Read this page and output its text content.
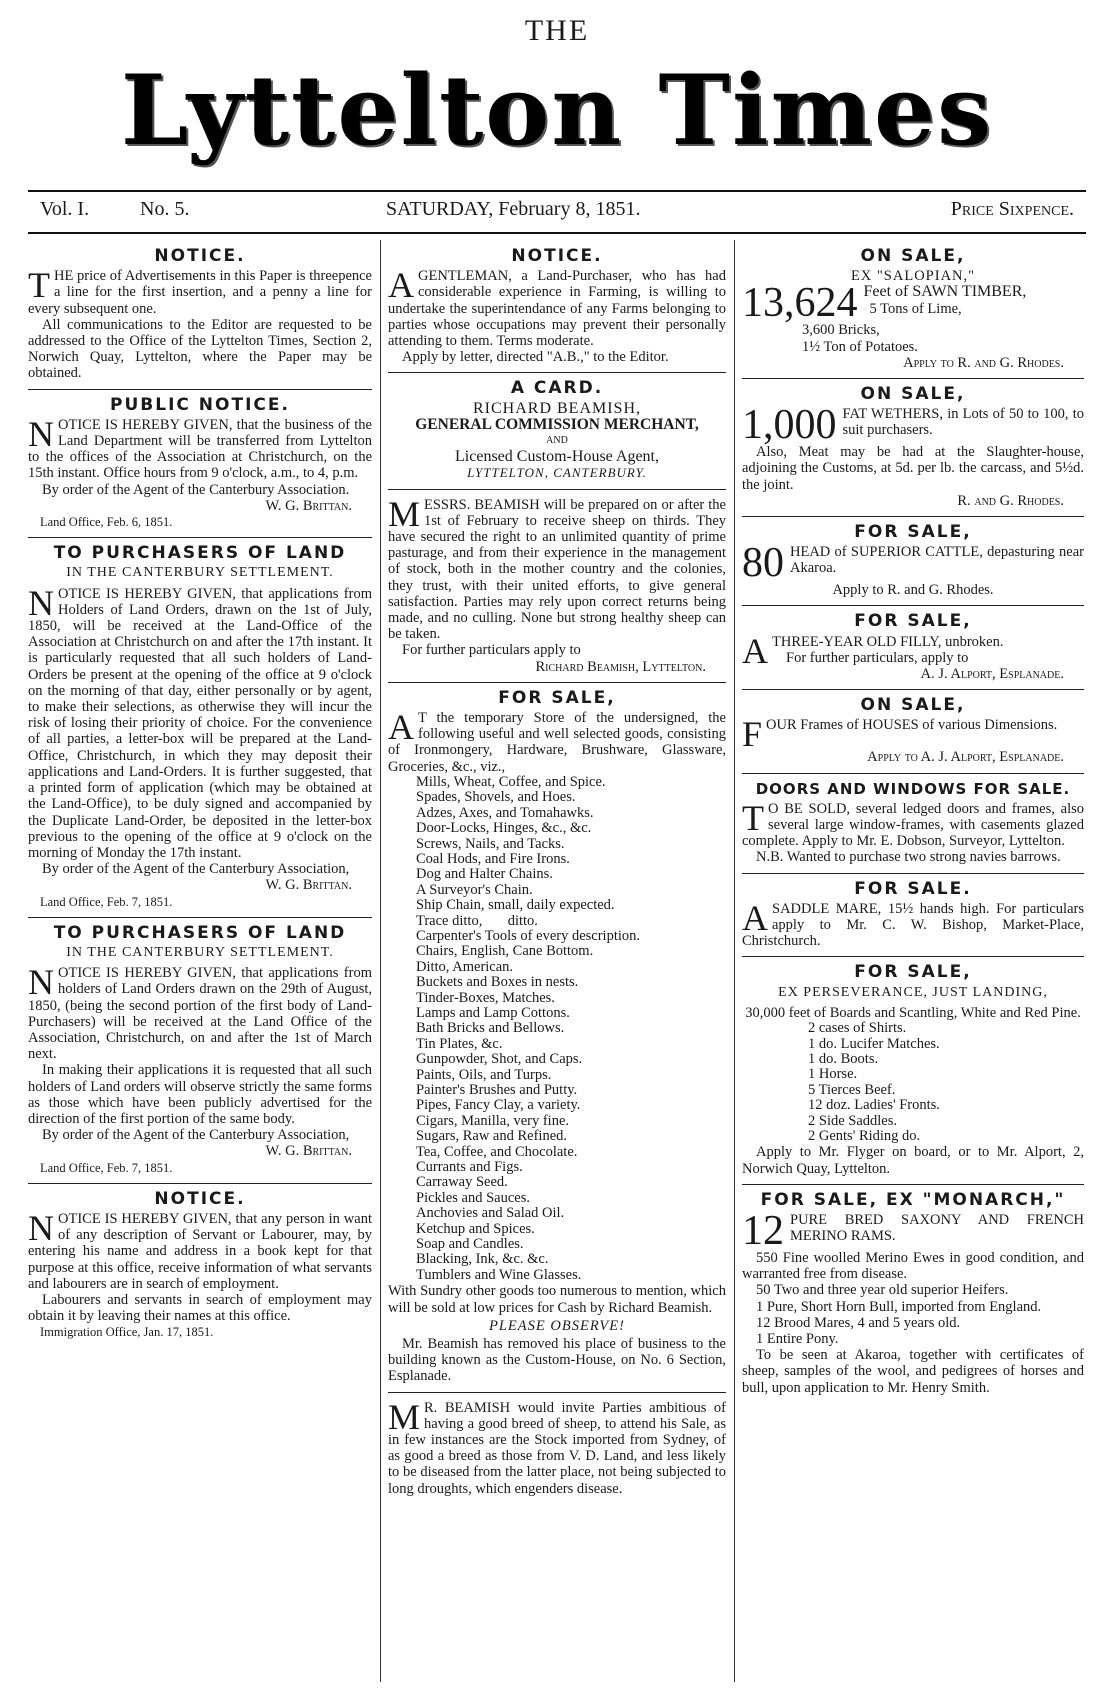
THE
Lyttelton Times
Vol. I.	No. 5.	SATURDAY, February 8, 1851.	Price Sixpence.
NOTICE.

THE price of Advertisements in this Paper is threepence a line for the first insertion, and a penny a line for every subsequent one.

All communications to the Editor are requested to be addressed to the Office of the Lyttelton Times, Section 2, Norwich Quay, Lyttelton, where the Paper may be obtained.

PUBLIC NOTICE.

NOTICE IS HEREBY GIVEN, that the business of the Land Department will be transferred from Lyttelton to the offices of the Association at Christchurch, on the 15th instant. Office hours from 9 o'clock, a.m., to 4, p.m.

By order of the Agent of the Canterbury Association.

W. G. Brittan.
Land Office, Feb. 6, 1851.
TO PURCHASERS OF LAND
IN THE CANTERBURY SETTLEMENT.

NOTICE IS HEREBY GIVEN, that applications from Holders of Land Orders, drawn on the 1st of July, 1850, will be received at the Land-Office of the Association at Christchurch on and after the 17th instant. It is particularly requested that all such holders of Land-Orders be present at the opening of the office at 9 o'clock on the morning of that day, either personally or by agent, to make their selections, as otherwise they will incur the risk of losing their priority of choice. For the convenience of all parties, a letter-box will be prepared at the Land-Office, Christchurch, in which they may deposit their applications and Land-Orders. It is further suggested, that a printed form of application (which may be obtained at the Land-Office), to be duly signed and accompanied by the Duplicate Land-Order, be deposited in the letter-box previous to the opening of the office at 9 o'clock on the morning of Monday the 17th instant.

By order of the Agent of the Canterbury Association,

W. G. Brittan.
Land Office, Feb. 7, 1851.
TO PURCHASERS OF LAND
IN THE CANTERBURY SETTLEMENT.

NOTICE IS HEREBY GIVEN, that applications from holders of Land Orders drawn on the 29th of August, 1850, (being the second portion of the first body of Land-Purchasers) will be received at the Land Office of the Association, Christchurch, on and after the 1st of March next.

In making their applications it is requested that all such holders of Land orders will observe strictly the same forms as those which have been publicly advertised for the direction of the first portion of the same body.

By order of the Agent of the Canterbury Association,

W. G. Brittan.
Land Office, Feb. 7, 1851.
NOTICE.

NOTICE IS HEREBY GIVEN, that any person in want of any description of Servant or Labourer, may, by entering his name and address in a book kept for that purpose at this office, receive information of what servants and labourers are in search of employment.

Labourers and servants in search of employment may obtain it by leaving their names at this office.

Immigration Office, Jan. 17, 1851.
NOTICE.

AGENTLEMAN, a Land-Purchaser, who has had considerable experience in Farming, is willing to undertake the superintendance of any Farms belonging to parties whose occupations may prevent their personally attending to them. Terms moderate.

Apply by letter, directed "A.B.," to the Editor.

A CARD.
RICHARD BEAMISH,
GENERAL COMMISSION MERCHANT,
AND
Licensed Custom-House Agent,
LYTTELTON, CANTERBURY.

MESSRS. BEAMISH will be prepared on or after the 1st of February to receive sheep on thirds. They have secured the right to an unlimited quantity of prime pasturage, and from their experience in the management of stock, both in the mother country and the colonies, they trust, with their united efforts, to give general satisfaction. Parties may rely upon correct returns being made, and no culling. None but strong healthy sheep can be taken.

For further particulars apply to

Richard Beamish, Lyttelton.
FOR SALE,

A T the temporary Store of the undersigned, the following useful and well selected goods, consisting of Ironmongery, Hardware, Brushware, Glassware, Groceries, &c., viz.,

Mills, Wheat, Coffee, and Spice.
Spades, Shovels, and Hoes.
Adzes, Axes, and Tomahawks.
Door-Locks, Hinges, &c., &c.
Screws, Nails, and Tacks.
Coal Hods, and Fire Irons.
Dog and Halter Chains.
A Surveyor's Chain.
Ship Chain, small, daily expected.
Trace ditto,       ditto.
Carpenter's Tools of every description.
Chairs, English, Cane Bottom.
Ditto, American.
Buckets and Boxes in nests.
Tinder-Boxes, Matches.
Lamps and Lamp Cottons.
Bath Bricks and Bellows.
Tin Plates, &c.
Gunpowder, Shot, and Caps.
Paints, Oils, and Turps.
Painter's Brushes and Putty.
Pipes, Fancy Clay, a variety.
Cigars, Manilla, very fine.
Sugars, Raw and Refined.
Tea, Coffee, and Chocolate.
Currants and Figs.
Carraway Seed.
Pickles and Sauces.
Anchovies and Salad Oil.
Ketchup and Spices.
Soap and Candles.
Blacking, Ink, &c. &c.
Tumblers and Wine Glasses.

With Sundry other goods too numerous to mention, which will be sold at low prices for Cash by Richard Beamish.

PLEASE OBSERVE!

Mr. Beamish has removed his place of business to the building known as the Custom-House, on No. 6 Section, Esplanade.

M R. BEAMISH would invite Parties ambitious of having a good breed of sheep, to attend his Sale, as in few instances are the Stock imported from Sydney, of as good a breed as those from V. D. Land, and less likely to be diseased from the latter place, not being subjected to long droughts, which engenders disease.

ON SALE,
EX "SALOPIAN,"
13,624 Feet of SAWN TIMBER,
5 Tons of Lime,
3,600 Bricks,
1½ Ton of Potatoes.
Apply to R. and G. Rhodes.
ON SALE,

1,000 FAT WETHERS, in Lots of 50 to 100, to suit purchasers.

Also, Meat may be had at the Slaughter-house, adjoining the Customs, at 5d. per lb. the carcass, and 5½d. the joint.

R. and G. Rhodes.
FOR SALE,

80 HEAD of SUPERIOR CATTLE, depasturing near Akaroa.

Apply to R. and G. Rhodes.
FOR SALE,

ATHREE-YEAR OLD FILLY, unbroken.

For further particulars, apply to

A. J. Alport, Esplanade.
ON SALE,

FOUR Frames of HOUSES of various Dimensions.

Apply to A. J. Alport, Esplanade.
DOORS AND WINDOWS FOR SALE.

T O BE SOLD, several ledged doors and frames, also several large window-frames, with casements glazed complete. Apply to Mr. E. Dobson, Surveyor, Lyttelton.

N.B. Wanted to purchase two strong navies barrows.

FOR SALE.

ASADDLE MARE, 15½ hands high. For particulars apply to Mr. C. W. Bishop, Market-Place, Christchurch.

FOR SALE,
EX PERSEVERANCE, JUST LANDING,
30,000 feet of Boards and Scantling, White and Red Pine.
2 cases of Shirts.
1 do. Lucifer Matches.
1 do. Boots.
1 Horse.
5 Tierces Beef.
12 doz. Ladies' Fronts.
2 Side Saddles.
2 Gents' Riding do.

Apply to Mr. Flyger on board, or to Mr. Alport, 2, Norwich Quay, Lyttelton.

FOR SALE, EX "MONARCH,"

12 PURE BRED SAXONY AND FRENCH MERINO RAMS.

550 Fine woolled Merino Ewes in good condition, and warranted free from disease.

50 Two and three year old superior Heifers.

1 Pure, Short Horn Bull, imported from England.

12 Brood Mares, 4 and 5 years old.

1 Entire Pony.

To be seen at Akaroa, together with certificates of sheep, samples of the wool, and pedigrees of horses and bull, upon application to Mr. Henry Smith.
